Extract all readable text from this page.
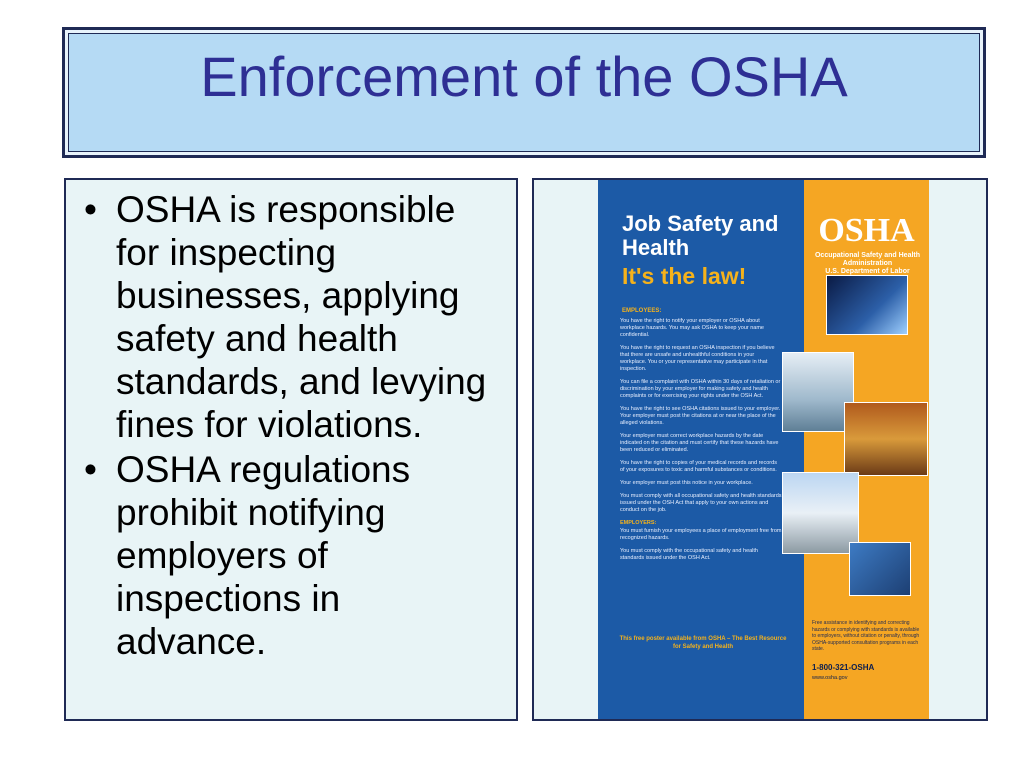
Enforcement of the OSHA
• OSHA is responsible for inspecting businesses, applying safety and health standards, and levying fines for violations.
• OSHA regulations prohibit notifying employers of inspections in advance.
Job Safety and Health
It's the law!
EMPLOYEES:
You have the right to notify your employer or OSHA about workplace hazards. You may ask OSHA to keep your name confidential.
You have the right to request an OSHA inspection if you believe that there are unsafe and unhealthful conditions in your workplace. You or your representative may participate in that inspection.
You can file a complaint with OSHA within 30 days of retaliation or discrimination by your employer for making safety and health complaints or for exercising your rights under the OSH Act.
You have the right to see OSHA citations issued to your employer. Your employer must post the citations at or near the place of the alleged violations.
Your employer must correct workplace hazards by the date indicated on the citation and must certify that these hazards have been reduced or eliminated.
You have the right to copies of your medical records and records of your exposures to toxic and harmful substances or conditions.
Your employer must post this notice in your workplace.
You must comply with all occupational safety and health standards issued under the OSH Act that apply to your own actions and conduct on the job.
EMPLOYERS:
You must furnish your employees a place of employment free from recognized hazards.
You must comply with the occupational safety and health standards issued under the OSH Act.
This free poster available from OSHA – The Best Resource for Safety and Health
OSHA
Occupational Safety and Health Administration
U.S. Department of Labor
Free assistance in identifying and correcting hazards or complying with standards is available to employers, without citation or penalty, through OSHA-supported consultation programs in each state.
1-800-321-OSHA
www.osha.gov
